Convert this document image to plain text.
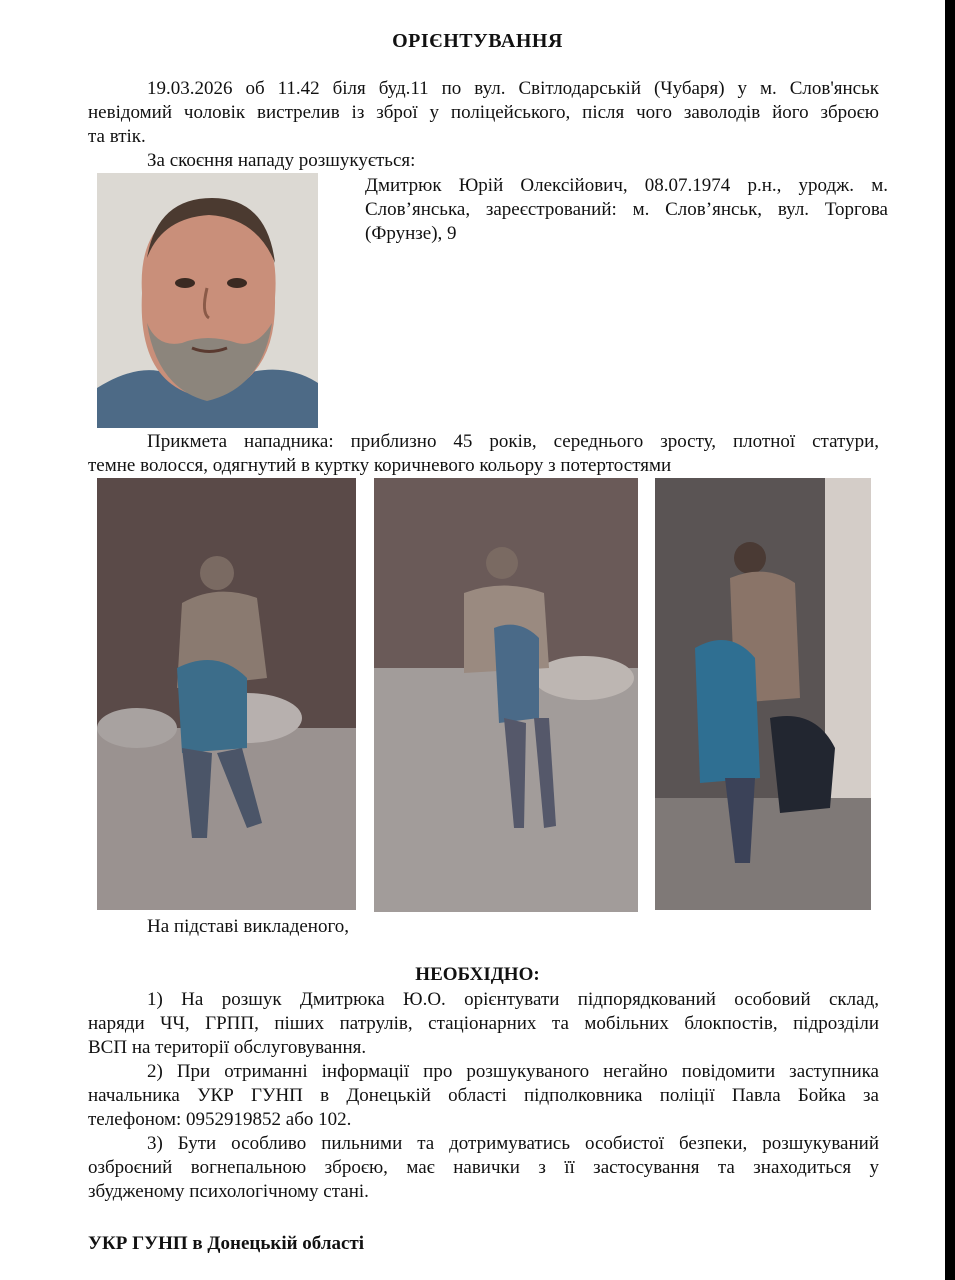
ОРІЄНТУВАННЯ
19.03.2026 об 11.42 біля буд.11 по вул. Світлодарській (Чубаря) у м. Слов'янськ
невідомий чоловік вистрелив із зброї у поліцейського, після чого заволодів його зброєю
та втік.
За скоєння нападу розшукується:
Дмитрюк Юрій Олексійович, 08.07.1974 р.н., уродж. м.
Слов’янська, зареєстрований: м. Слов’янськ, вул. Торгова
(Фрунзе), 9
Прикмета нападника: приблизно 45 років, середнього зросту, плотної статури,
темне волосся, одягнутий в куртку коричневого кольору з потертостями
На підставі викладеного,
НЕОБХІДНО:
1) На розшук Дмитрюка Ю.О. орієнтувати підпорядкований особовий склад,
наряди ЧЧ, ГРПП, піших патрулів, стаціонарних та мобільних блокпостів, підрозділи
ВСП на території обслуговування.
2) При отриманні інформації про розшукуваного негайно повідомити заступника
начальника УКР ГУНП в Донецькій області підполковника поліції Павла Бойка за
телефоном: 0952919852 або 102.
3) Бути особливо пильними та дотримуватись особистої безпеки, розшукуваний
озброєний вогнепальною зброєю, має навички з її застосування та знаходиться у
збудженому психологічному стані.
УКР ГУНП в Донецькій області
